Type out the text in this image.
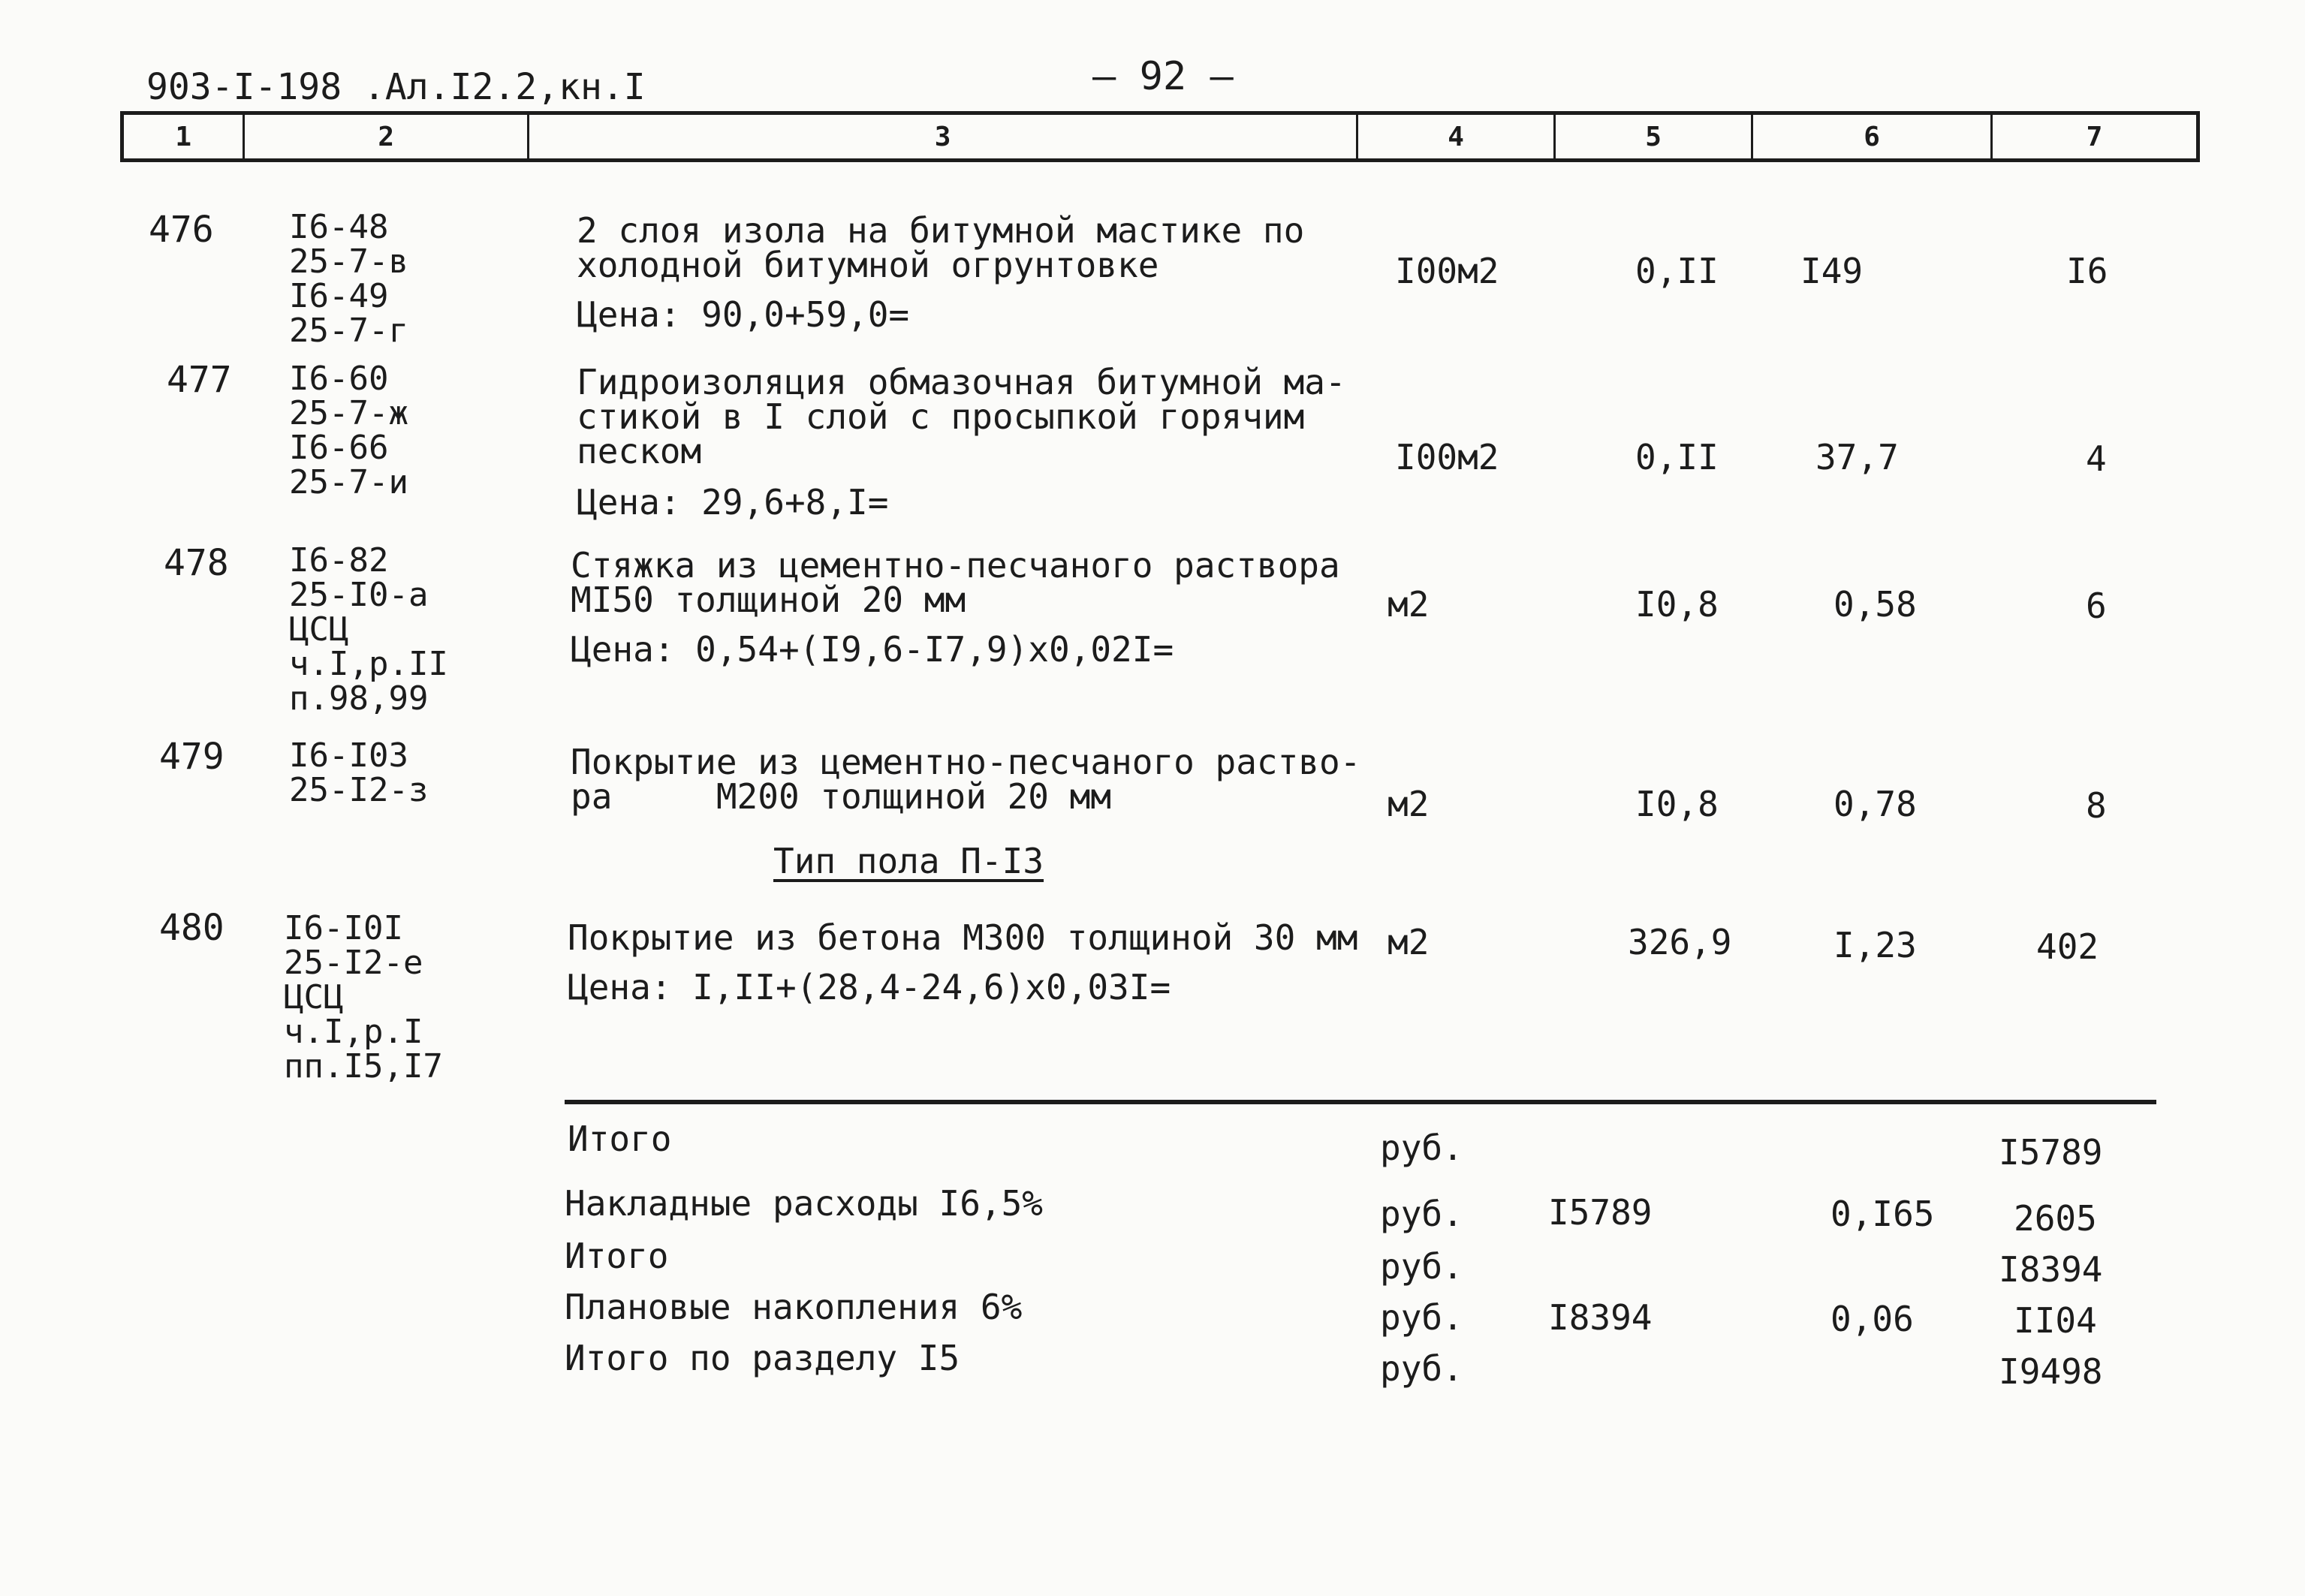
903-I-198 .Ал.I2.2,кн.I	— 92 —
1	2	3	4	5	6	7
476 I6-48
25-7-в
I6-49
25-7-г
2 слоя изола на битумной мастике по
холодной битумной огрунтовке
Цена: 90,0+59,0=
I00м2	0,II I49	I6
477 I6-60
25-7-ж
I6-66
25-7-и
Гидроизоляция обмазочная битумной ма-
стикой в I слой с просыпкой горячим
песком
Цена: 29,6+8,I=
I00м2	0,II	37,7	4
478 I6-82
25-I0-а
ЦСЦ
ч.I,р.II
п.98,99
Стяжка из цементно-песчаного раствора
МI50 толщиной 20 мм
Цена: 0,54+(I9,6-I7,9)х0,02I=
м2	I0,8	0,58	6
479 I6-I03
25-I2-з
Покрытие из цементно-песчаного раство-
ра     М200 толщиной 20 мм	м2	I0,8	0,78	8
Тип пола П-I3
480 I6-I0I
25-I2-е
ЦСЦ
ч.I,р.I
пп.I5,I7
Покрытие из бетона М300 толщиной 30 мм
Цена: I,II+(28,4-24,6)х0,03I=
м2	326,9	I,23	402
Итого	руб.	I5789
Накладные расходы I6,5%	руб. I5789	0,I65 2605
Итого	руб.	I8394
Плановые накопления 6%	руб. I8394	0,06	II04
Итого по разделу I5	руб.	I9498
